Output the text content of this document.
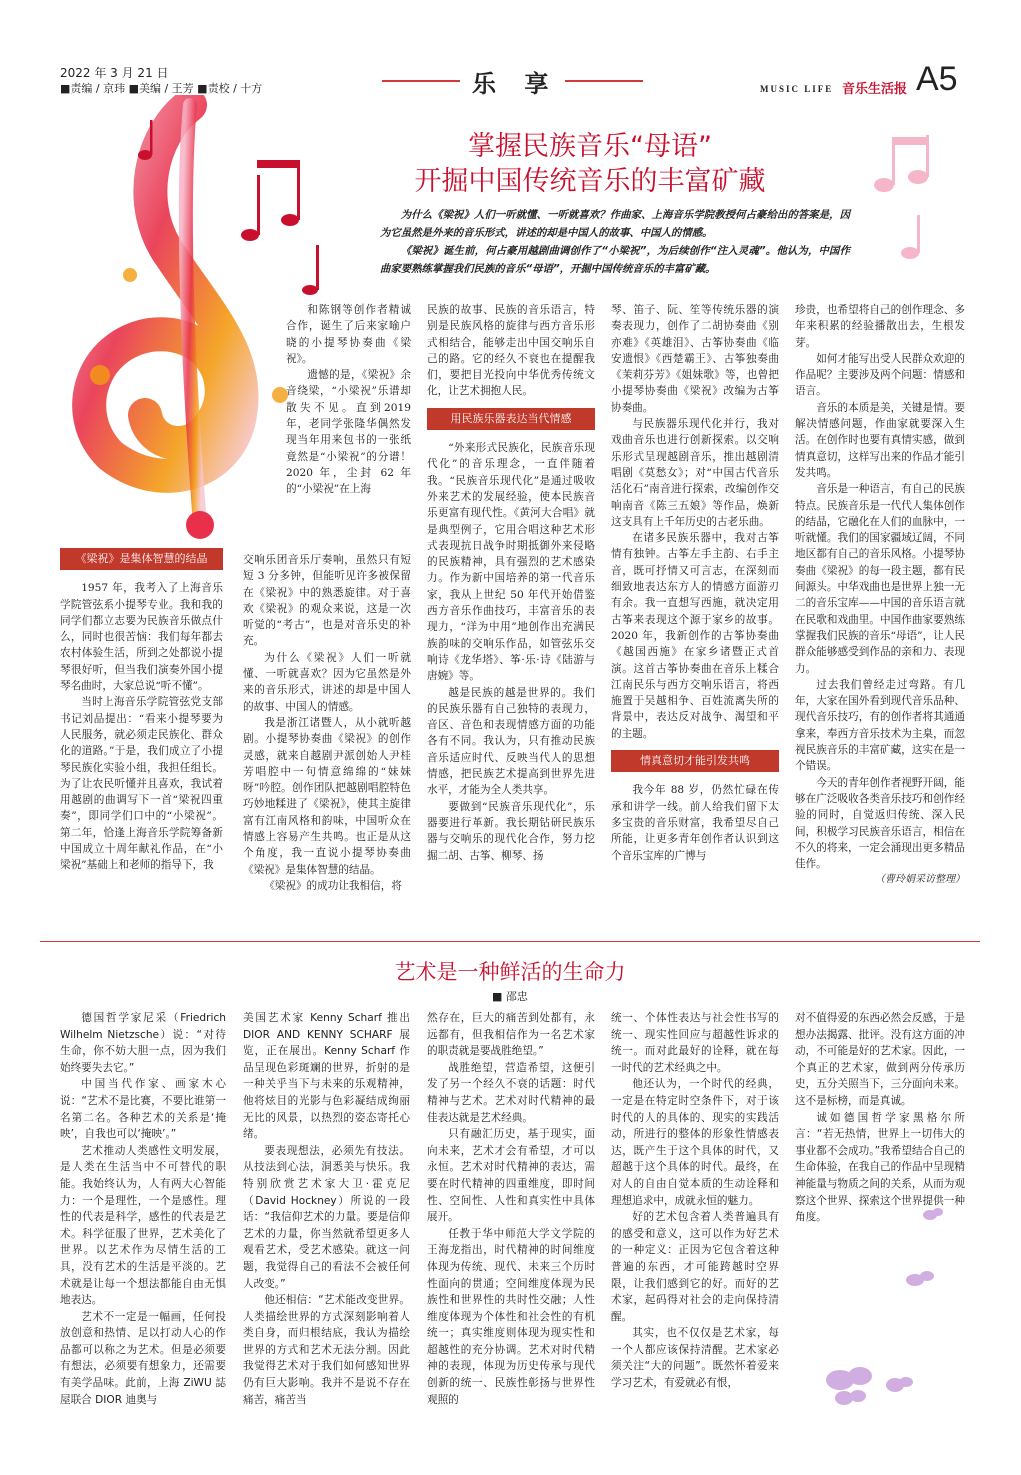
2022 年 3 月 21 日
■责编 / 京玮 ■美编 / 王芳 ■责校 / 十方	乐 享	MUSIC LIFE 音乐生活报 A5
掌握民族音乐“母语”
开掘中国传统音乐的丰富矿藏

为什么《梁祝》人们一听就懂、一听就喜欢？作曲家、上海音乐学院教授何占豪给出的答案是，因为它虽然是外来的音乐形式，讲述的却是中国人的故事、中国人的情感。

《梁祝》诞生前，何占豪用越剧曲调创作了“小梁祝”，为后续创作“注入灵魂”。他认为，中国作曲家要熟练掌握我们民族的音乐“母语”，开掘中国传统音乐的丰富矿藏。

《梁祝》是集体智慧的结晶

1957 年，我考入了上海音乐学院管弦系小提琴专业。我和我的同学们都立志要为民族音乐做点什么，同时也很苦恼：我们每年都去农村体验生活，所到之处都说小提琴很好听，但当我们演奏外国小提琴名曲时，大家总说“听不懂”。

当时上海音乐学院管弦党支部书记刘品提出：“看来小提琴要为人民服务，就必须走民族化、群众化的道路。”于是，我们成立了小提琴民族化实验小组，我担任组长。为了让农民听懂并且喜欢，我试着用越剧的曲调写下一首“梁祝四重奏”，即同学们口中的“小梁祝”。第二年，恰逢上海音乐学院筹备新中国成立十周年献礼作品，在“小梁祝”基础上和老师的指导下，我

和陈钢等创作者精诚合作，诞生了后来家喻户晓的小提琴协奏曲《梁祝》。

遗憾的是，《梁祝》余音绕梁，“小梁祝”乐谱却散失不见。直到2019 年，老同学张隆华偶然发现当年用来包书的一张纸竟然是“小梁祝”的分谱！2020 年，尘封 62 年的“小梁祝”在上海

交响乐团音乐厅奏响，虽然只有短短 3 分多钟，但能听见许多被保留在《梁祝》中的熟悉旋律。对于喜欢《梁祝》的观众来说，这是一次听觉的“考古”，也是对音乐史的补充。

为什么《梁祝》人们一听就懂、一听就喜欢？因为它虽然是外来的音乐形式，讲述的却是中国人的故事、中国人的情感。

我是浙江诸暨人，从小就听越剧。小提琴协奏曲《梁祝》的创作灵感，就来自越剧尹派创始人尹桂芳唱腔中一句情意绵绵的“妹妹呀”吟腔。创作团队把越剧唱腔特色巧妙地糅进了《梁祝》，使其主旋律富有江南风格和韵味，中国听众在情感上容易产生共鸣。也正是从这个角度，我一直说小提琴协奏曲《梁祝》是集体智慧的结晶。

《梁祝》的成功让我相信，将

民族的故事、民族的音乐语言，特别是民族风格的旋律与西方音乐形式相结合，能够走出中国交响乐自己的路。它的经久不衰也在提醒我们，要把目光投向中华优秀传统文化，让艺术拥抱人民。

用民族乐器表达当代情感

“外来形式民族化，民族音乐现代化”的音乐理念，一直伴随着我。“民族音乐现代化”是通过吸收外来艺术的发展经验，使本民族音乐更富有现代性。《黄河大合唱》就是典型例子，它用合唱这种艺术形式表现抗日战争时期抵御外来侵略的民族精神，具有强烈的艺术感染力。作为新中国培养的第一代音乐家，我从上世纪 50 年代开始借鉴西方音乐作曲技巧，丰富音乐的表现力，“洋为中用”地创作出充满民族韵味的交响乐作品，如管弦乐交响诗《龙华塔》、筝·乐·诗《陆游与唐婉》等。

越是民族的越是世界的。我们的民族乐器有自己独特的表现力，音区、音色和表现情感方面的功能各有不同。我认为，只有推动民族音乐适应时代、反映当代人的思想情感，把民族艺术提高到世界先进水平，才能为全人类共享。

要做到“民族音乐现代化”，乐器要进行革新。我长期钻研民族乐器与交响乐的现代化合作，努力挖掘二胡、古筝、柳琴、扬

琴、笛子、阮、笙等传统乐器的演奏表现力，创作了二胡协奏曲《别亦难》《英雄泪》、古筝协奏曲《临安遗恨》《西楚霸王》、古筝独奏曲《茉莉芬芳》《姐妹歌》等，也曾把小提琴协奏曲《梁祝》改编为古筝协奏曲。

与民族器乐现代化并行，我对戏曲音乐也进行创新探索。以交响乐形式呈现越剧音乐，推出越剧清唱剧《莫愁女》；对“中国古代音乐活化石”南音进行探索，改编创作交响南音《陈三五娘》等作品，焕新这支具有上千年历史的古老乐曲。

在诸多民族乐器中，我对古筝情有独钟。古筝左手主韵、右手主音，既可抒情又可言志，在深刻而细致地表达东方人的情感方面游刃有余。我一直想写西施，就决定用古筝来表现这个源于家乡的故事。2020 年，我新创作的古筝协奏曲《越国西施》在家乡诸暨正式首演。这首古筝协奏曲在音乐上糅合江南民乐与西方交响乐语言，将西施置于吴越相争、百姓流离失所的背景中，表达反对战争、渴望和平的主题。

情真意切才能引发共鸣

我今年 88 岁，仍然忙碌在传承和讲学一线。前人给我们留下太多宝贵的音乐财富，我希望尽自己所能，让更多青年创作者认识到这个音乐宝库的广博与

珍贵，也希望将自己的创作理念、多年来积累的经验播散出去，生根发芽。

如何才能写出受人民群众欢迎的作品呢？主要涉及两个问题：情感和语言。

音乐的本质是美，关键是情。要解决情感问题，作曲家就要深入生活。在创作时也要有真情实感，做到情真意切，这样写出来的作品才能引发共鸣。

音乐是一种语言，有自己的民族特点。民族音乐是一代代人集体创作的结晶，它融化在人们的血脉中，一听就懂。我们的国家疆域辽阔，不同地区都有自己的音乐风格。小提琴协奏曲《梁祝》的每一段主题，都有民间源头。中华戏曲也是世界上独一无二的音乐宝库——中国的音乐语言就在民歌和戏曲里。中国作曲家要熟练掌握我们民族的音乐“母语”，让人民群众能够感受到作品的亲和力、表现力。

过去我们曾经走过弯路。有几年，大家在国外看到现代音乐品种、现代音乐技巧，有的创作者将其通通拿来，奉西方音乐技术为主臬，而忽视民族音乐的丰富矿藏，这实在是一个错误。

今天的青年创作者视野开阔，能够在广泛吸收各类音乐技巧和创作经验的同时，自觉返归传统、深入民间，积极学习民族音乐语言，相信在不久的将来，一定会涌现出更多精品佳作。

（曹玲娟采访整理）
艺术是一种鲜活的生命力
■ 邵忠

德国哲学家尼采（Friedrich Wilhelm Nietzsche）说：“对待生命，你不妨大胆一点，因为我们始终要失去它。”

中国当代作家、画家木心说：“艺术不是比赛，不要比谁第一名第二名。各种艺术的关系是‘掩映’，自我也可以‘掩映’。”

艺术推动人类感性文明发展，是人类在生活当中不可替代的职能。我始终认为，人有两大心智能力：一个是理性，一个是感性。理性的代表是科学，感性的代表是艺术。科学征服了世界，艺术美化了世界。以艺术作为尽情生活的工具，没有艺术的生活是平淡的。艺术就是让每一个想法都能自由无惧地表达。

艺术不一定是一幅画，任何投放创意和热情、足以打动人心的作品都可以称之为艺术。但是必须要有想法，必须要有想象力，还需要有美学品味。此前，上海 ZiWU 誌屋联合 DIOR 迪奥与

美国艺术家 Kenny Scharf 推出 DIOR AND KENNY SCHARF 展览，正在展出。Kenny Scharf 作品呈现色彩斑斓的世界，折射的是一种关乎当下与未来的乐观精神，他将炫目的光影与色彩凝结成绚丽无比的风景，以热烈的姿态寄托心绪。

要表现想法，必须先有技法。从技法到心法，洞悉美与快乐。我特别欣赏艺术家大卫·霍克尼（David Hockney）所说的一段话：“我信仰艺术的力量。要是信仰艺术的力量，你当然就希望更多人观看艺术，受艺术感染。就这一问题，我觉得自己的看法不会被任何人改变。”

他还相信：“艺术能改变世界。人类描绘世界的方式深刻影响着人类自身，而归根结底，我认为描绘世界的方式和艺术无法分割。因此我觉得艺术对于我们如何感知世界仍有巨大影响。我并不是说不存在痛苦，痛苦当

然存在，巨大的痛苦到处都有，永远都有，但我相信作为一名艺术家的职责就是要战胜绝望。”

战胜绝望，营造希望，这便引发了另一个经久不衰的话题：时代精神与艺术。艺术对时代精神的最佳表达就是艺术经典。

只有融汇历史，基于现实，面向未来，艺术才会有希望，才可以永恒。艺术对时代精神的表达，需要在时代精神的四重维度，即时间性、空间性、人性和真实性中具体展开。

任教于华中师范大学文学院的王海龙指出，时代精神的时间维度体现为传统、现代、未来三个历时性面向的贯通；空间维度体现为民族性和世界性的共时性交融；人性维度体现为个体性和社会性的有机统一；真实维度则体现为现实性和超越性的充分协调。艺术对时代精神的表现，体现为历史传承与现代创新的统一、民族性彰扬与世界性观照的

统一、个体性表达与社会性书写的统一、现实性回应与超越性诉求的统一。而对此最好的诠释，就在每一时代的艺术经典之中。

他还认为，一个时代的经典，一定是在特定时空条件下，对于该时代的人的具体的、现实的实践活动，所进行的整体的形象性情感表达，既产生于这个具体的时代，又超越于这个具体的时代。最终，在对人的自由自觉本质的生动诠释和理想追求中，成就永恒的魅力。

好的艺术包含着人类普遍具有的感受和意义，这可以作为好艺术的一种定义：正因为它包含着这种普遍的东西，才可能跨越时空界限，让我们感到它的好。而好的艺术家，起码得对社会的走向保持清醒。

其实，也不仅仅是艺术家，每一个人都应该保持清醒。艺术家必须关注“大的问题”。既然怀着爱来学习艺术，有爱就必有恨，

对不值得爱的东西必然会反感，于是想办法揭露、批评。没有这方面的冲动，不可能是好的艺术家。因此，一个真正的艺术家，做到两分传承历史，五分关照当下，三分面向未来。这不是标榜，而是真诚。

诚如德国哲学家黑格尔所言：“若无热情，世界上一切伟大的事业都不会成功。”我希望结合自己的生命体验，在我自己的作品中呈现精神能量与物质之间的关系，从而为观察这个世界、探索这个世界提供一种角度。
